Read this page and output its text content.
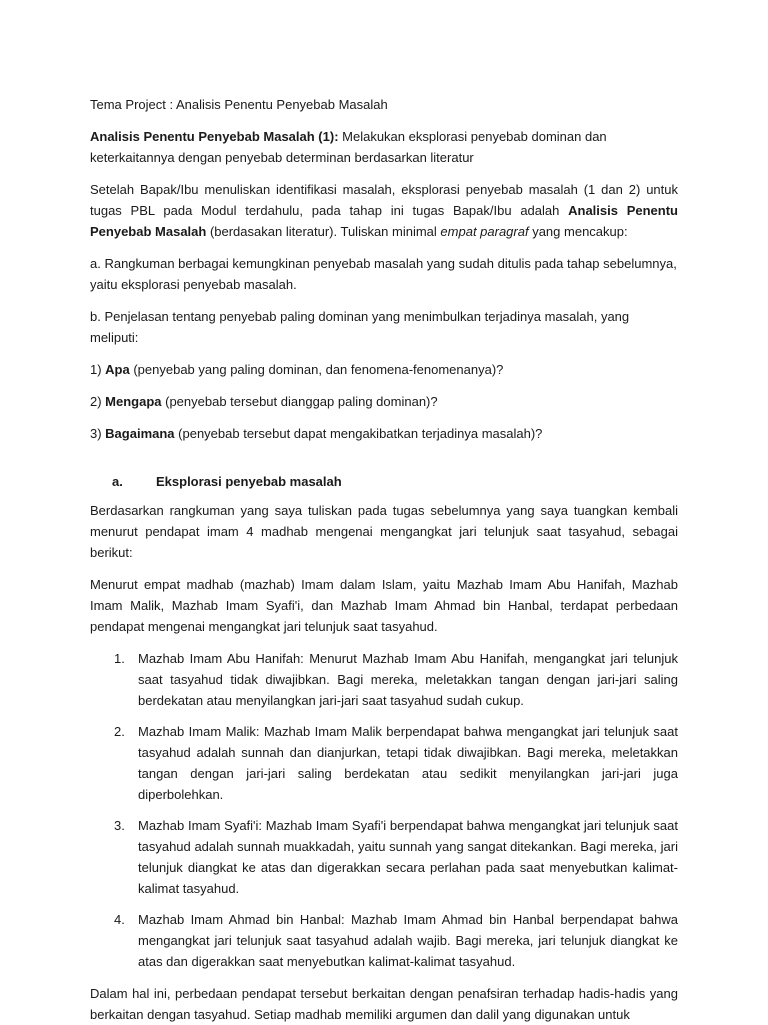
Tema Project : Analisis Penentu Penyebab Masalah

Analisis Penentu Penyebab Masalah (1): Melakukan eksplorasi penyebab dominan dan keterkaitannya dengan penyebab determinan berdasarkan literatur

Setelah Bapak/Ibu menuliskan identifikasi masalah, eksplorasi penyebab masalah (1 dan 2) untuk tugas PBL pada Modul terdahulu, pada tahap ini tugas Bapak/Ibu adalah Analisis Penentu Penyebab Masalah (berdasakan literatur). Tuliskan minimal empat paragraf yang mencakup:

a. Rangkuman berbagai kemungkinan penyebab masalah yang sudah ditulis pada tahap sebelumnya, yaitu eksplorasi penyebab masalah.

b. Penjelasan tentang penyebab paling dominan yang menimbulkan terjadinya masalah, yang meliputi:

1) Apa (penyebab yang paling dominan, dan fenomena-fenomenanya)?

2) Mengapa (penyebab tersebut dianggap paling dominan)?

3) Bagaimana (penyebab tersebut dapat mengakibatkan terjadinya masalah)?

a.	Eksplorasi penyebab masalah

Berdasarkan rangkuman yang saya tuliskan pada tugas sebelumnya yang saya tuangkan kembali menurut pendapat imam 4 madhab mengenai mengangkat jari telunjuk saat tasyahud, sebagai berikut:

Menurut empat madhab (mazhab) Imam dalam Islam, yaitu Mazhab Imam Abu Hanifah, Mazhab Imam Malik, Mazhab Imam Syafi'i, dan Mazhab Imam Ahmad bin Hanbal, terdapat perbedaan pendapat mengenai mengangkat jari telunjuk saat tasyahud.

1.	Mazhab Imam Abu Hanifah: Menurut Mazhab Imam Abu Hanifah, mengangkat jari telunjuk saat tasyahud tidak diwajibkan. Bagi mereka, meletakkan tangan dengan jari-jari saling berdekatan atau menyilangkan jari-jari saat tasyahud sudah cukup.
2.	Mazhab Imam Malik: Mazhab Imam Malik berpendapat bahwa mengangkat jari telunjuk saat tasyahud adalah sunnah dan dianjurkan, tetapi tidak diwajibkan. Bagi mereka, meletakkan tangan dengan jari-jari saling berdekatan atau sedikit menyilangkan jari-jari juga diperbolehkan.
3.	Mazhab Imam Syafi'i: Mazhab Imam Syafi'i berpendapat bahwa mengangkat jari telunjuk saat tasyahud adalah sunnah muakkadah, yaitu sunnah yang sangat ditekankan. Bagi mereka, jari telunjuk diangkat ke atas dan digerakkan secara perlahan pada saat menyebutkan kalimat-kalimat tasyahud.
4.	Mazhab Imam Ahmad bin Hanbal: Mazhab Imam Ahmad bin Hanbal berpendapat bahwa mengangkat jari telunjuk saat tasyahud adalah wajib. Bagi mereka, jari telunjuk diangkat ke atas dan digerakkan saat menyebutkan kalimat-kalimat tasyahud.

Dalam hal ini, perbedaan pendapat tersebut berkaitan dengan penafsiran terhadap hadis-hadis yang berkaitan dengan tasyahud. Setiap madhab memiliki argumen dan dalil yang digunakan untuk
